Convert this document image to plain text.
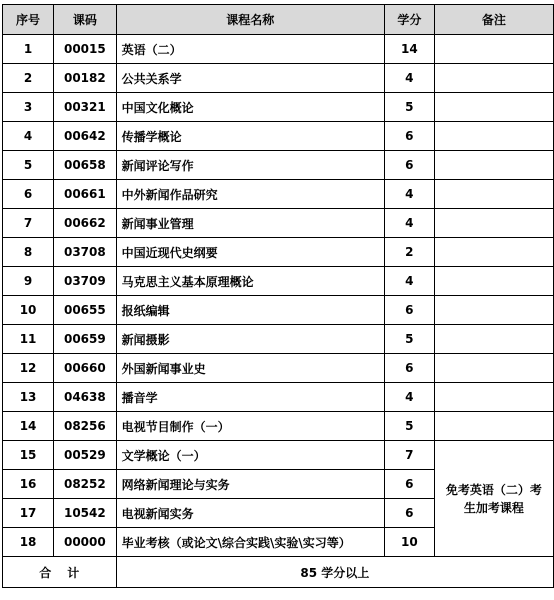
序号	课码	课程名称	学分	备注
1	00015	英语（二）	14	
2	00182	公共关系学	4	
3	00321	中国文化概论	5	
4	00642	传播学概论	6	
5	00658	新闻评论写作	6	
6	00661	中外新闻作品研究	4	
7	00662	新闻事业管理	4	
8	03708	中国近现代史纲要	2	
9	03709	马克思主义基本原理概论	4	
10	00655	报纸编辑	6	
11	00659	新闻摄影	5	
12	00660	外国新闻事业史	6	
13	04638	播音学	4	
14	08256	电视节目制作（一）	5	
15	00529	文学概论（一）	7	免考英语（二）考生加考课程
16	08252	网络新闻理论与实务	6	
17	10542	电视新闻实务	6	
18	00000	毕业考核（或论文\综合实践\实验\实习等）	10	
合计		85 学分以上		
